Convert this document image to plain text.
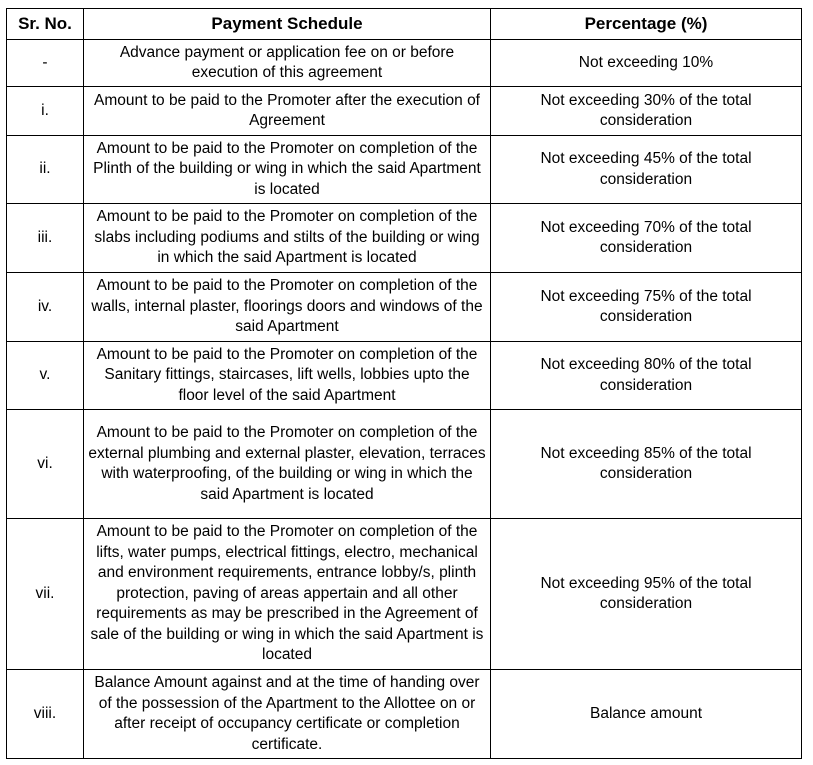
Sr. No.	Payment Schedule	Percentage (%)
-	Advance payment or application fee on or before execution of this agreement	Not exceeding 10%
i.	Amount to be paid to the Promoter after the execution of Agreement	Not exceeding 30% of the total consideration
ii.	Amount to be paid to the Promoter on completion of the Plinth of the building or wing in which the said Apartment is located	Not exceeding 45% of the total consideration
iii.	Amount to be paid to the Promoter on completion of the slabs including podiums and stilts of the building or wing in which the said Apartment is located	Not exceeding 70% of the total consideration
iv.	Amount to be paid to the Promoter on completion of the walls, internal plaster, floorings doors and windows of the said Apartment	Not exceeding 75% of the total consideration
v.	Amount to be paid to the Promoter on completion of the Sanitary fittings, staircases, lift wells, lobbies upto the floor level of the said Apartment	Not exceeding 80% of the total consideration
vi.	Amount to be paid to the Promoter on completion of the external plumbing and external plaster, elevation, terraces with waterproofing, of the building or wing in which the said Apartment is located	Not exceeding 85% of the total consideration
vii.	Amount to be paid to the Promoter on completion of the lifts, water pumps, electrical fittings, electro, mechanical and environment requirements, entrance lobby/s, plinth protection, paving of areas appertain and all other requirements as may be prescribed in the Agreement of sale of the building or wing in which the said Apartment is located	Not exceeding 95% of the total consideration
viii.	Balance Amount against and at the time of handing over of the possession of the Apartment to the Allottee on or after receipt of occupancy certificate or completion certificate.	Balance amount
